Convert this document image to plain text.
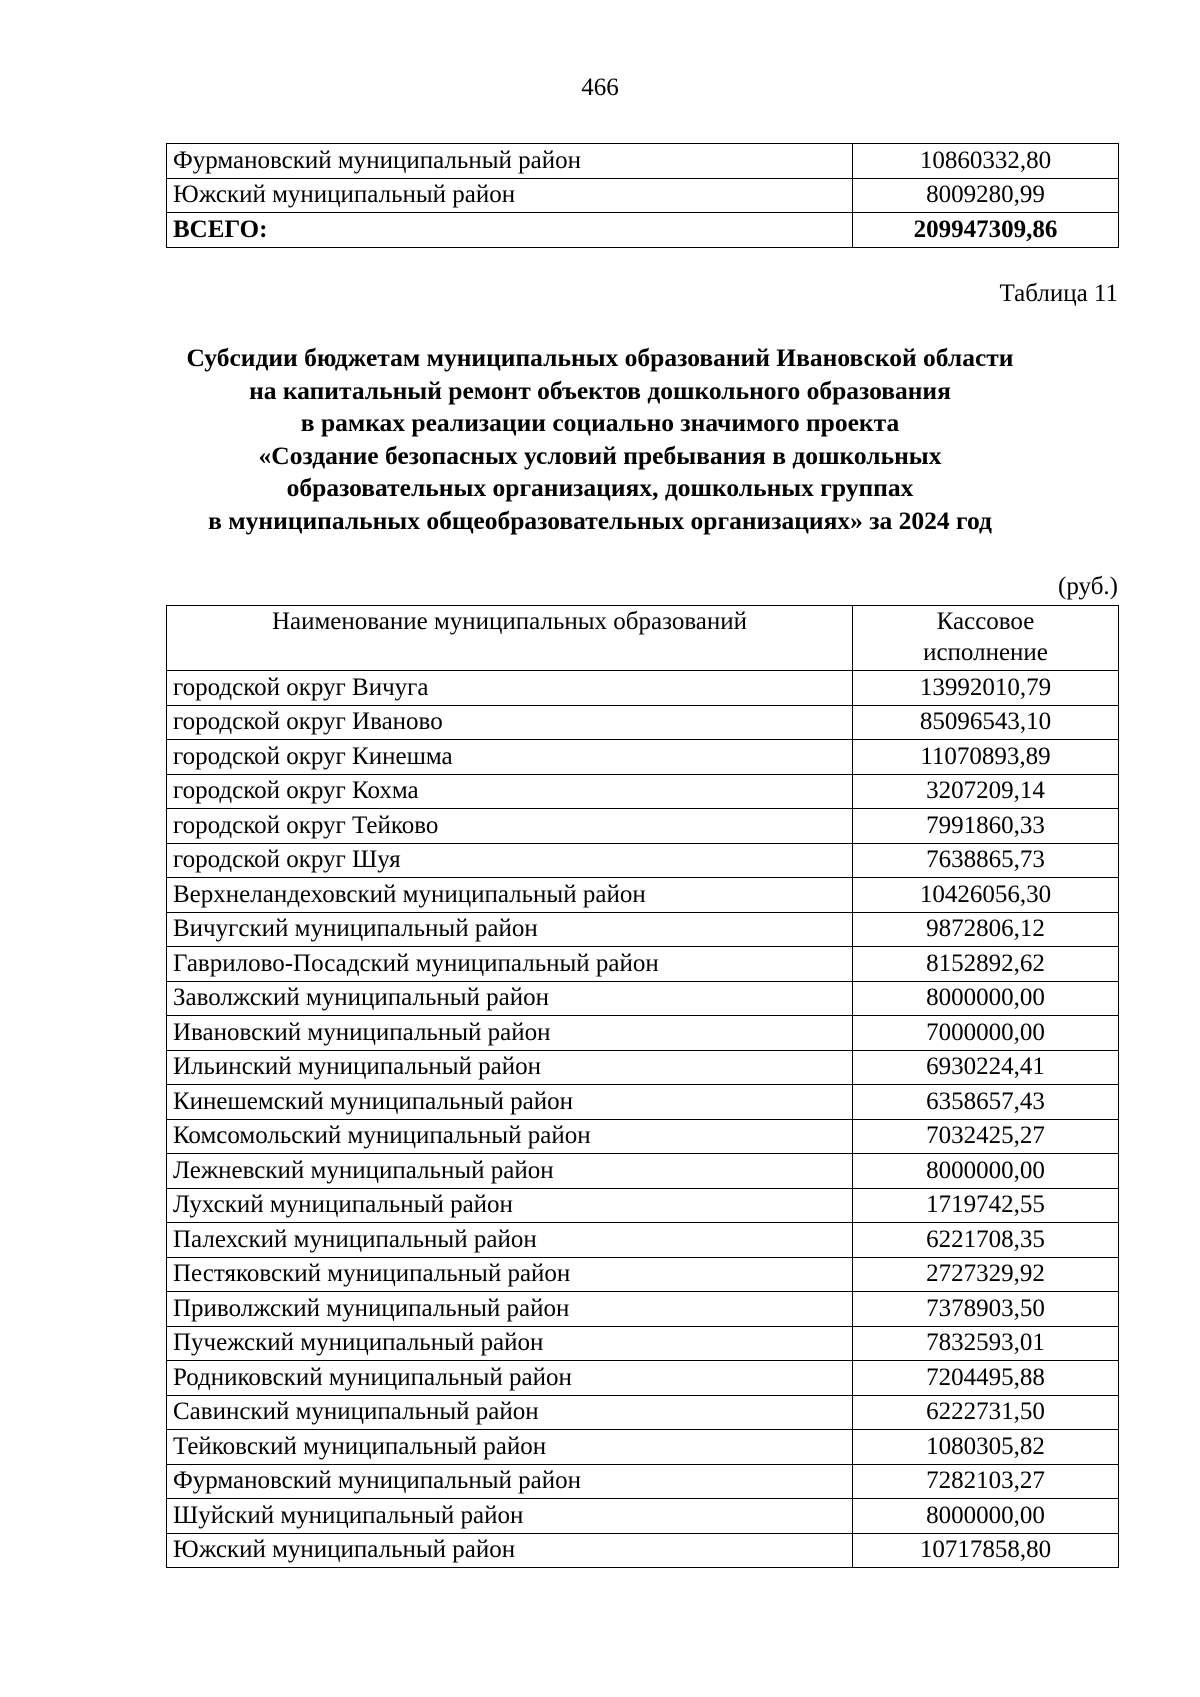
466
Фурмановский муниципальный район	10860332,80
Южский муниципальный район	8009280,99
ВСЕГО:	209947309,86
Таблица 11
Субсидии бюджетам муниципальных образований Ивановской области
на капитальный ремонт объектов дошкольного образования
в рамках реализации социально значимого проекта
«Создание безопасных условий пребывания в дошкольных
образовательных организациях, дошкольных группах
в муниципальных общеобразовательных организациях» за 2024 год
(руб.)
Наименование муниципальных образований	Кассовое
исполнение
городской округ Вичуга	13992010,79
городской округ Иваново	85096543,10
городской округ Кинешма	11070893,89
городской округ Кохма	3207209,14
городской округ Тейково	7991860,33
городской округ Шуя	7638865,73
Верхнеландеховский муниципальный район	10426056,30
Вичугский муниципальный район	9872806,12
Гаврилово-Посадский муниципальный район	8152892,62
Заволжский муниципальный район	8000000,00
Ивановский муниципальный район	7000000,00
Ильинский муниципальный район	6930224,41
Кинешемский муниципальный район	6358657,43
Комсомольский муниципальный район	7032425,27
Лежневский муниципальный район	8000000,00
Лухский муниципальный район	1719742,55
Палехский муниципальный район	6221708,35
Пестяковский муниципальный район	2727329,92
Приволжский муниципальный район	7378903,50
Пучежский муниципальный район	7832593,01
Родниковский муниципальный район	7204495,88
Савинский муниципальный район	6222731,50
Тейковский муниципальный район	1080305,82
Фурмановский муниципальный район	7282103,27
Шуйский муниципальный район	8000000,00
Южский муниципальный район	10717858,80
